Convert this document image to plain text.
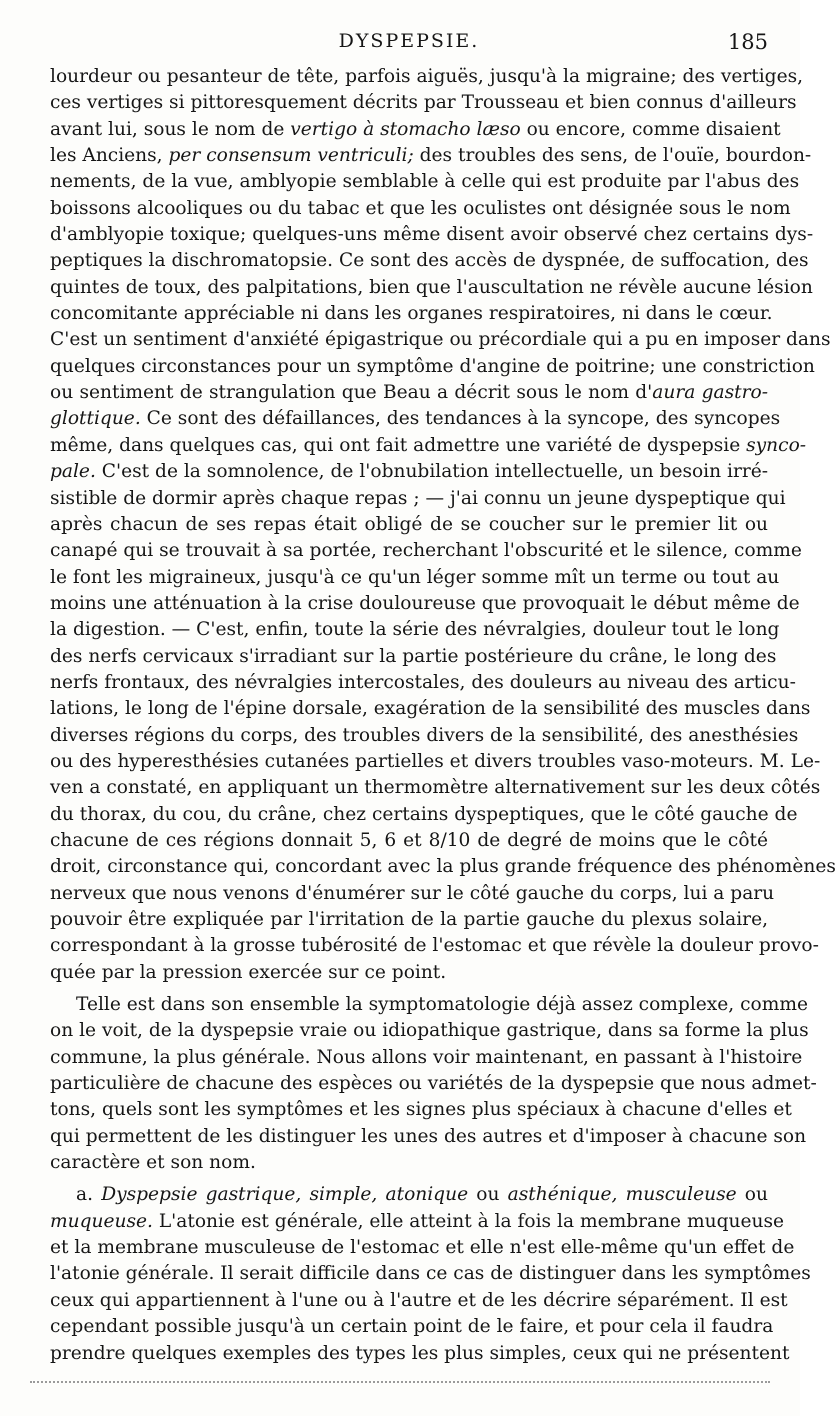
DYSPEPSIE.	185
lourdeur ou pesanteur de tête, parfois aiguës, jusqu'à la migraine; des vertiges,
ces vertiges si pittoresquement décrits par Trousseau et bien connus d'ailleurs
avant lui, sous le nom de vertigo à stomacho læso ou encore, comme disaient
les Anciens, per consensum ventriculi; des troubles des sens, de l'ouïe, bourdon-
nements, de la vue, amblyopie semblable à celle qui est produite par l'abus des
boissons alcooliques ou du tabac et que les oculistes ont désignée sous le nom
d'amblyopie toxique; quelques-uns même disent avoir observé chez certains dys-
peptiques la dischromatopsie. Ce sont des accès de dyspnée, de suffocation, des
quintes de toux, des palpitations, bien que l'auscultation ne révèle aucune lésion
concomitante appréciable ni dans les organes respiratoires, ni dans le cœur.
C'est un sentiment d'anxiété épigastrique ou précordiale qui a pu en imposer dans
quelques circonstances pour un symptôme d'angine de poitrine; une constriction
ou sentiment de strangulation que Beau a décrit sous le nom d'aura gastro-
glottique. Ce sont des défaillances, des tendances à la syncope, des syncopes
même, dans quelques cas, qui ont fait admettre une variété de dyspepsie synco-
pale. C'est de la somnolence, de l'obnubilation intellectuelle, un besoin irré-
sistible de dormir après chaque repas ; — j'ai connu un jeune dyspeptique qui
après chacun de ses repas était obligé de se coucher sur le premier lit ou
canapé qui se trouvait à sa portée, recherchant l'obscurité et le silence, comme
le font les migraineux, jusqu'à ce qu'un léger somme mît un terme ou tout au
moins une atténuation à la crise douloureuse que provoquait le début même de
la digestion. — C'est, enfin, toute la série des névralgies, douleur tout le long
des nerfs cervicaux s'irradiant sur la partie postérieure du crâne, le long des
nerfs frontaux, des névralgies intercostales, des douleurs au niveau des articu-
lations, le long de l'épine dorsale, exagération de la sensibilité des muscles dans
diverses régions du corps, des troubles divers de la sensibilité, des anesthésies
ou des hyperesthésies cutanées partielles et divers troubles vaso-moteurs. M. Le-
ven a constaté, en appliquant un thermomètre alternativement sur les deux côtés
du thorax, du cou, du crâne, chez certains dyspeptiques, que le côté gauche de
chacune de ces régions donnait 5, 6 et 8/10 de degré de moins que le côté
droit, circonstance qui, concordant avec la plus grande fréquence des phénomènes
nerveux que nous venons d'énumérer sur le côté gauche du corps, lui a paru
pouvoir être expliquée par l'irritation de la partie gauche du plexus solaire,
correspondant à la grosse tubérosité de l'estomac et que révèle la douleur provo-
quée par la pression exercée sur ce point.
Telle est dans son ensemble la symptomatologie déjà assez complexe, comme
on le voit, de la dyspepsie vraie ou idiopathique gastrique, dans sa forme la plus
commune, la plus générale. Nous allons voir maintenant, en passant à l'histoire
particulière de chacune des espèces ou variétés de la dyspepsie que nous admet-
tons, quels sont les symptômes et les signes plus spéciaux à chacune d'elles et
qui permettent de les distinguer les unes des autres et d'imposer à chacune son
caractère et son nom.
a. Dyspepsie gastrique, simple, atonique ou asthénique, musculeuse ou
muqueuse. L'atonie est générale, elle atteint à la fois la membrane muqueuse
et la membrane musculeuse de l'estomac et elle n'est elle-même qu'un effet de
l'atonie générale. Il serait difficile dans ce cas de distinguer dans les symptômes
ceux qui appartiennent à l'une ou à l'autre et de les décrire séparément. Il est
cependant possible jusqu'à un certain point de le faire, et pour cela il faudra
prendre quelques exemples des types les plus simples, ceux qui ne présentent
